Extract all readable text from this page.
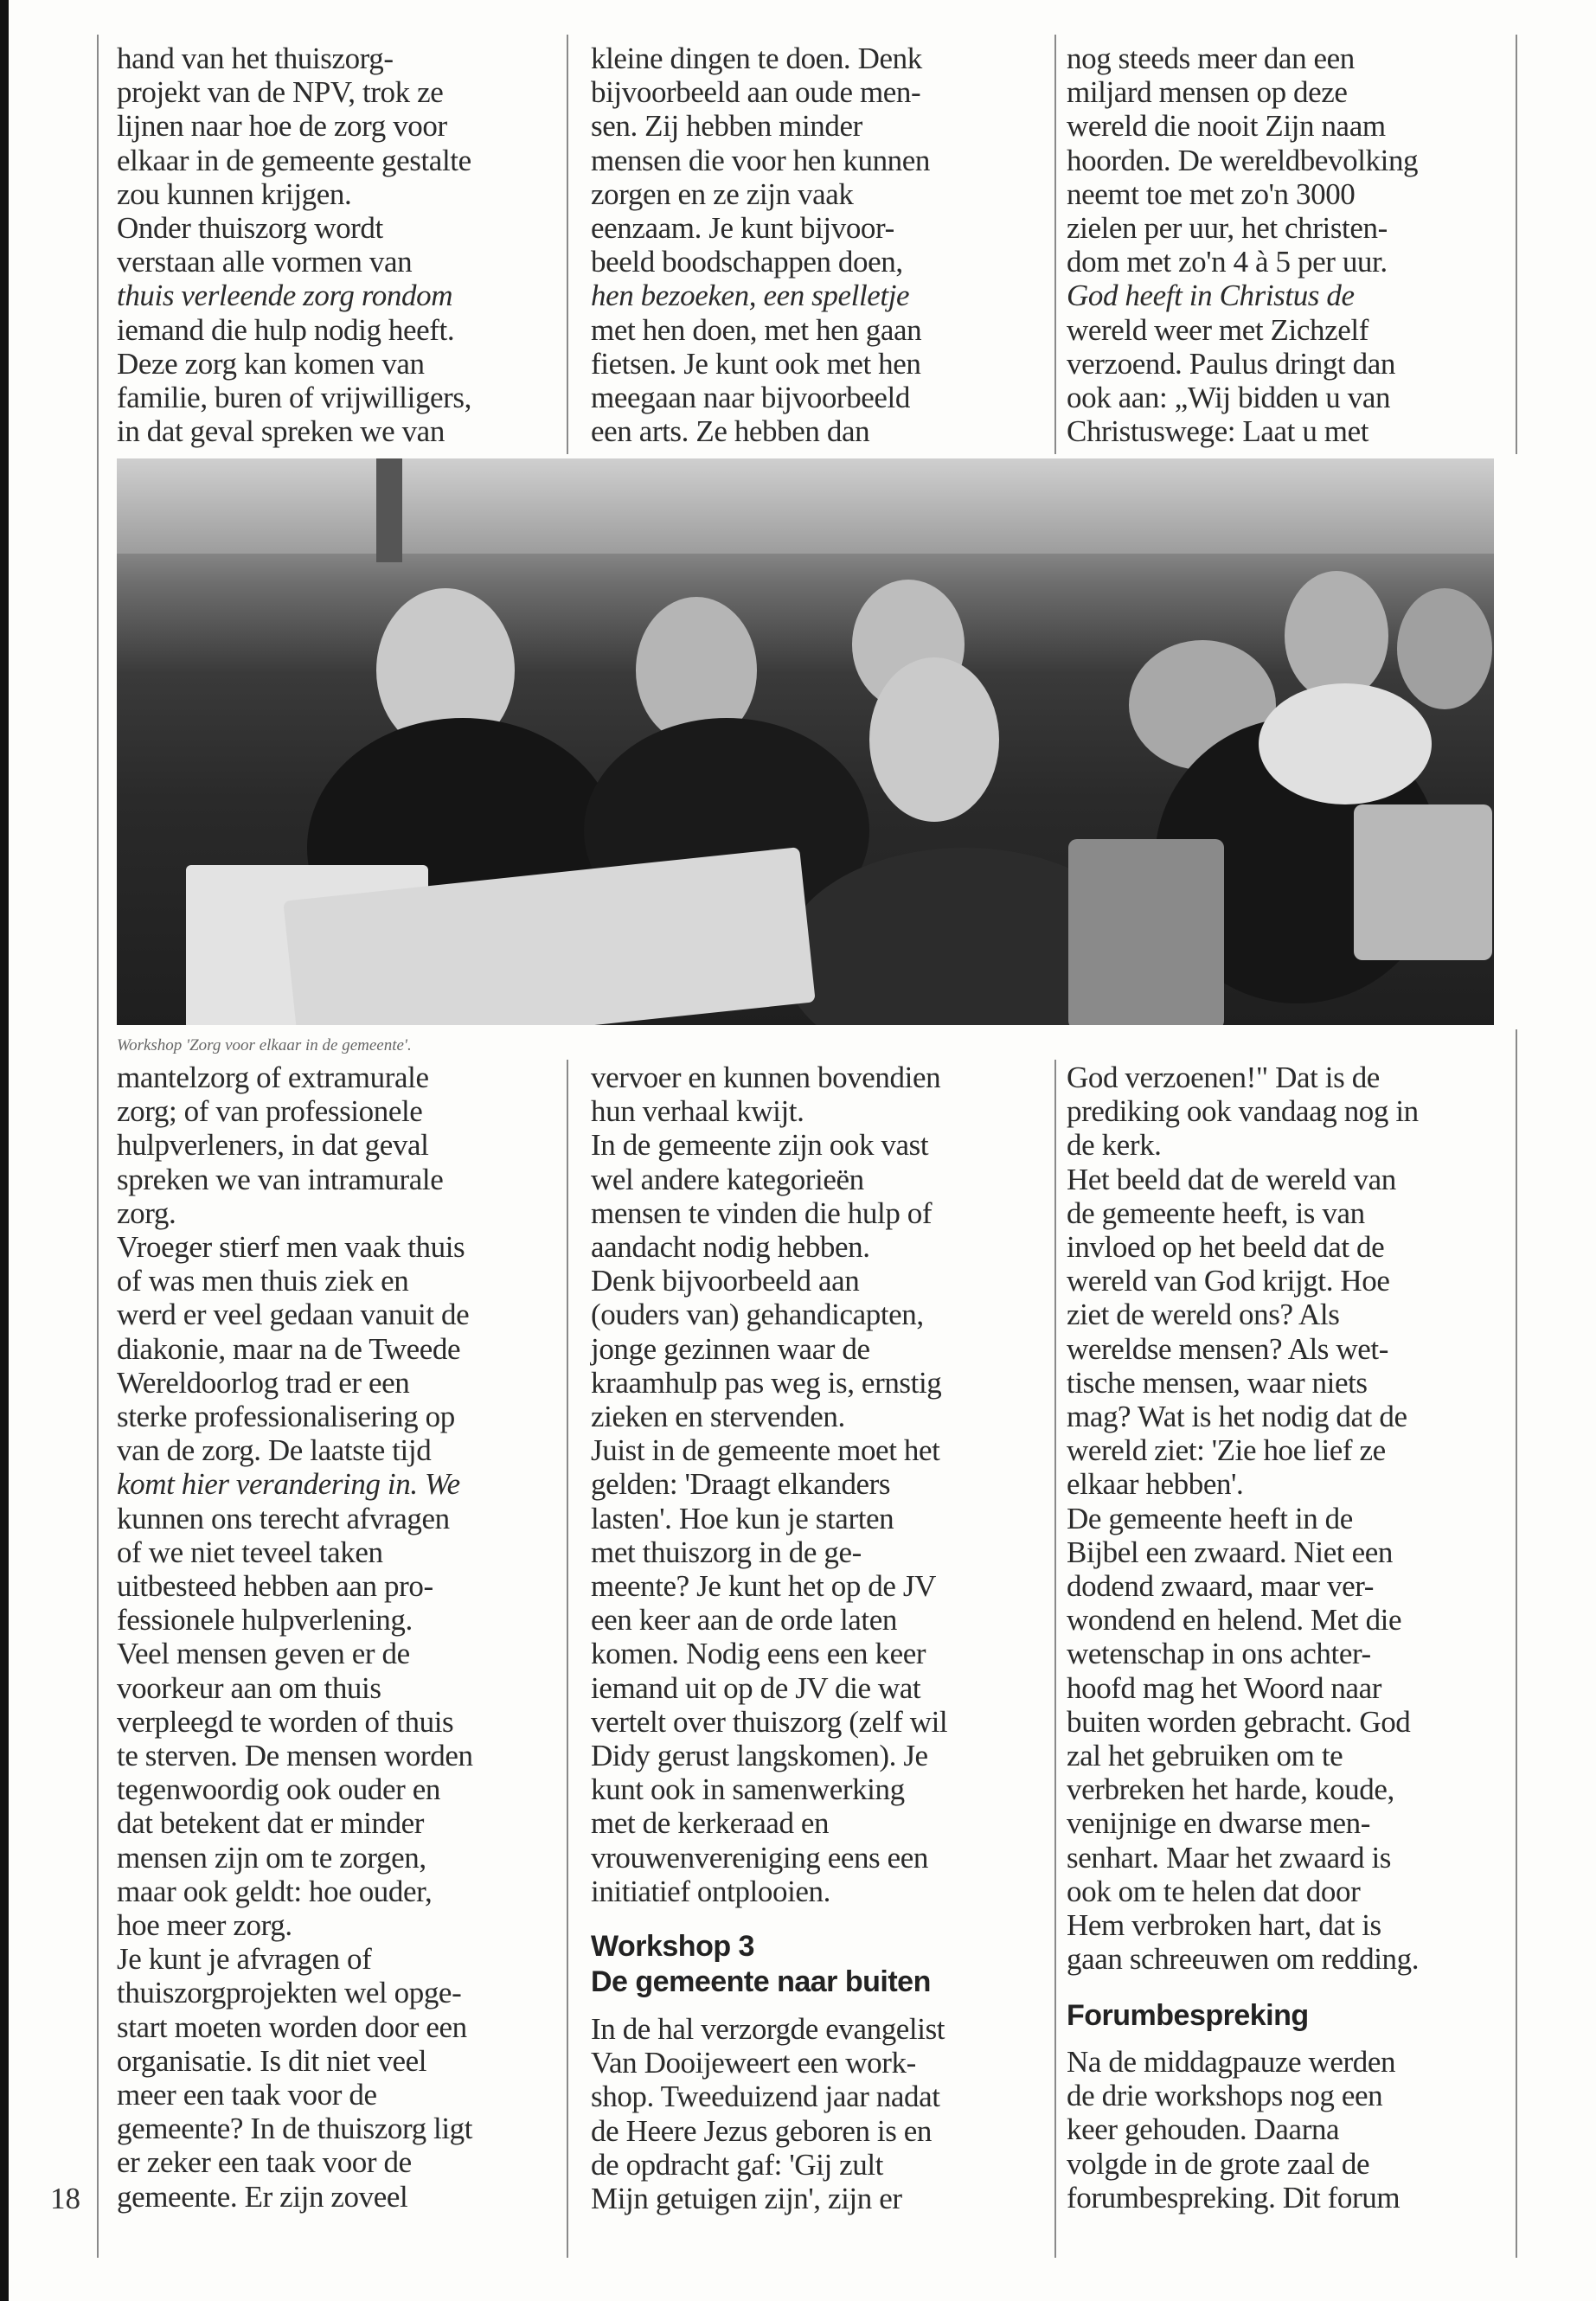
hand van het thuiszorg-
projekt van de NPV, trok ze
lijnen naar hoe de zorg voor
elkaar in de gemeente gestalte
zou kunnen krijgen.
Onder thuiszorg wordt
verstaan alle vormen van
thuis verleende zorg rondom
iemand die hulp nodig heeft.
Deze zorg kan komen van
familie, buren of vrijwilligers,
in dat geval spreken we van
kleine dingen te doen. Denk
bijvoorbeeld aan oude men-
sen. Zij hebben minder
mensen die voor hen kunnen
zorgen en ze zijn vaak
eenzaam. Je kunt bijvoor-
beeld boodschappen doen,
hen bezoeken, een spelletje
met hen doen, met hen gaan
fietsen. Je kunt ook met hen
meegaan naar bijvoorbeeld
een arts. Ze hebben dan
nog steeds meer dan een
miljard mensen op deze
wereld die nooit Zijn naam
hoorden. De wereldbevolking
neemt toe met zo'n 3000
zielen per uur, het christen-
dom met zo'n 4 à 5 per uur.
God heeft in Christus de
wereld weer met Zichzelf
verzoend. Paulus dringt dan
ook aan: „Wij bidden u van
Christuswege: Laat u met
mantelzorg of extramurale
zorg; of van professionele
hulpverleners, in dat geval
spreken we van intramurale
zorg.
Vroeger stierf men vaak thuis
of was men thuis ziek en
werd er veel gedaan vanuit de
diakonie, maar na de Tweede
Wereldoorlog trad er een
sterke professionalisering op
van de zorg. De laatste tijd
komt hier verandering in. We
kunnen ons terecht afvragen
of we niet teveel taken
uitbesteed hebben aan pro-
fessionele hulpverlening.
Veel mensen geven er de
voorkeur aan om thuis
verpleegd te worden of thuis
te sterven. De mensen worden
tegenwoordig ook ouder en
dat betekent dat er minder
mensen zijn om te zorgen,
maar ook geldt: hoe ouder,
hoe meer zorg.
Je kunt je afvragen of
thuiszorgprojekten wel opge-
start moeten worden door een
organisatie. Is dit niet veel
meer een taak voor de
gemeente? In de thuiszorg ligt
er zeker een taak voor de
gemeente. Er zijn zoveel
vervoer en kunnen bovendien
hun verhaal kwijt.
In de gemeente zijn ook vast
wel andere kategorieën
mensen te vinden die hulp of
aandacht nodig hebben.
Denk bijvoorbeeld aan
(ouders van) gehandicapten,
jonge gezinnen waar de
kraamhulp pas weg is, ernstig
zieken en stervenden.
Juist in de gemeente moet het
gelden: 'Draagt elkanders
lasten'. Hoe kun je starten
met thuiszorg in de ge-
meente? Je kunt het op de JV
een keer aan de orde laten
komen. Nodig eens een keer
iemand uit op de JV die wat
vertelt over thuiszorg (zelf wil
Didy gerust langskomen). Je
kunt ook in samenwerking
met de kerkeraad en
vrouwenvereniging eens een
initiatief ontplooien.
Workshop 3
De gemeente naar buiten
In de hal verzorgde evangelist
Van Dooijeweert een work-
shop. Tweeduizend jaar nadat
de Heere Jezus geboren is en
de opdracht gaf: 'Gij zult
Mijn getuigen zijn', zijn er
God verzoenen!" Dat is de
prediking ook vandaag nog in
de kerk.
Het beeld dat de wereld van
de gemeente heeft, is van
invloed op het beeld dat de
wereld van God krijgt. Hoe
ziet de wereld ons? Als
wereldse mensen? Als wet-
tische mensen, waar niets
mag? Wat is het nodig dat de
wereld ziet: 'Zie hoe lief ze
elkaar hebben'.
De gemeente heeft in de
Bijbel een zwaard. Niet een
dodend zwaard, maar ver-
wondend en helend. Met die
wetenschap in ons achter-
hoofd mag het Woord naar
buiten worden gebracht. God
zal het gebruiken om te
verbreken het harde, koude,
venijnige en dwarse men-
senhart. Maar het zwaard is
ook om te helen dat door
Hem verbroken hart, dat is
gaan schreeuwen om redding.
Forumbespreking
Na de middagpauze werden
de drie workshops nog een
keer gehouden. Daarna
volgde in de grote zaal de
forumbespreking. Dit forum
Workshop 'Zorg voor elkaar in de gemeente'.
18
